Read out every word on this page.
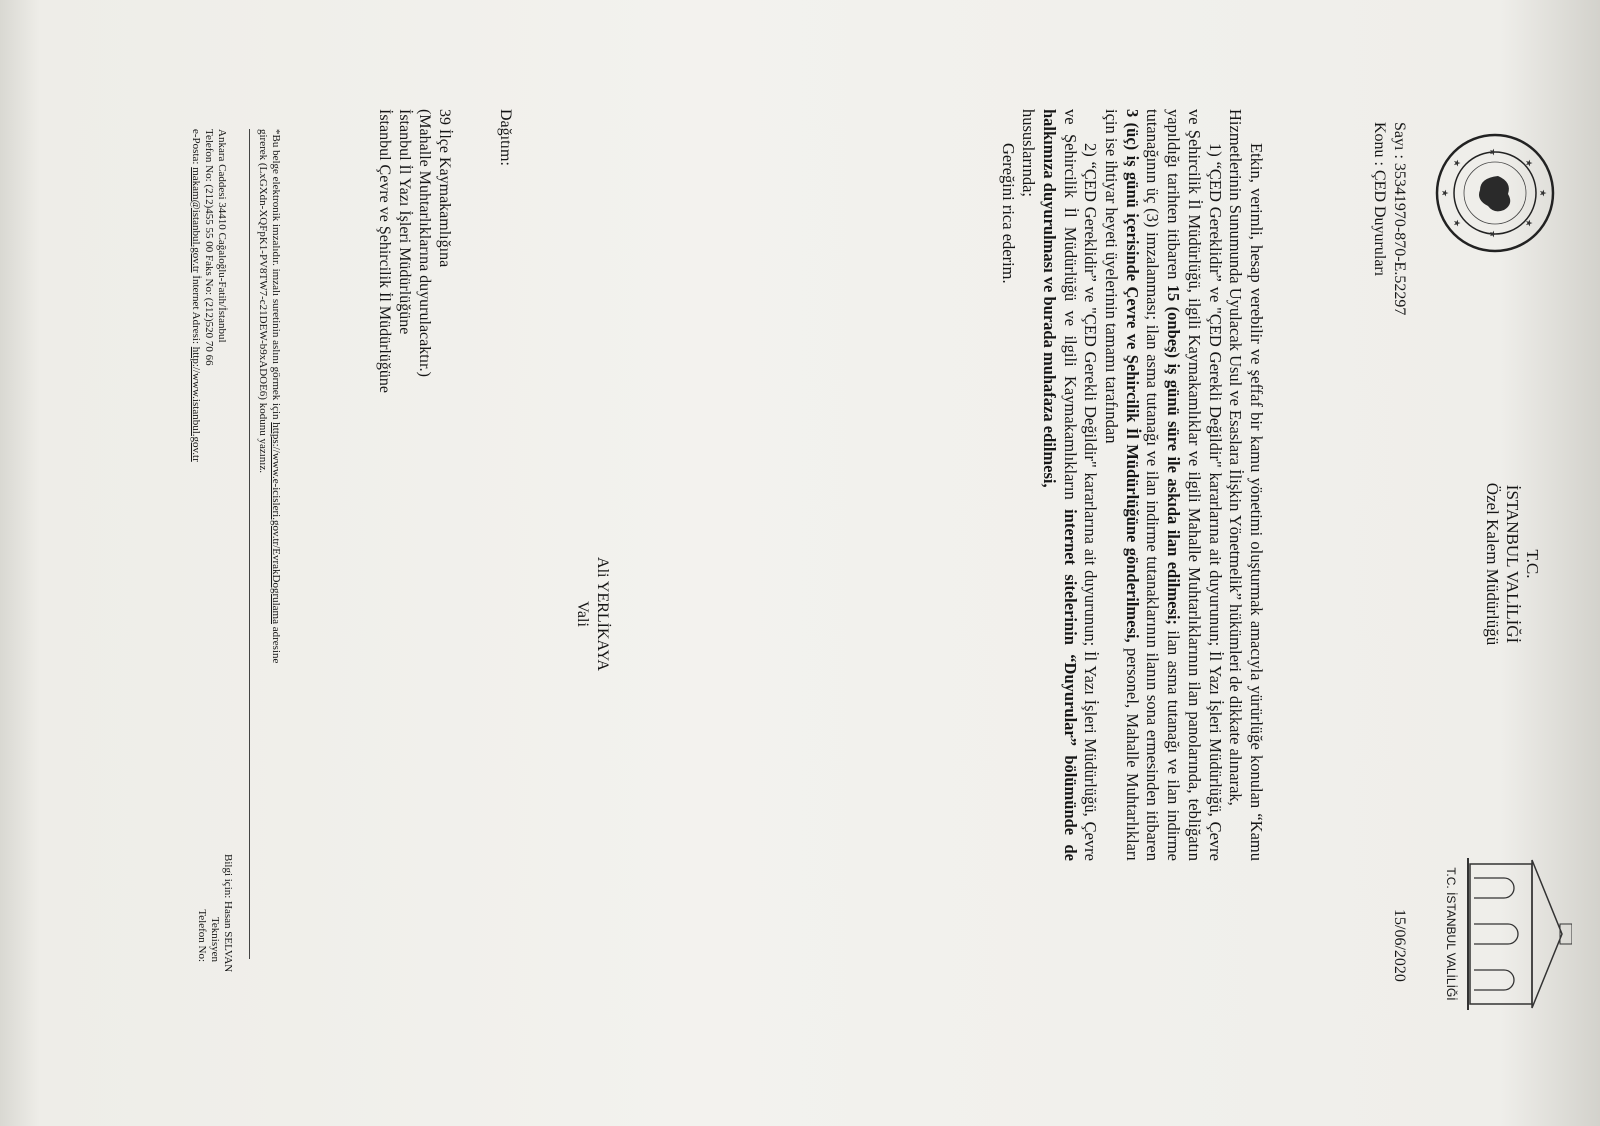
★
★
★
★
★
★
★
★
T.C.
İSTANBUL VALİLİĞİ
Özel Kalem Müdürlüğü
T.C. İSTANBUL VALİLİĞİ
Sayı : 35341970-870-E.52297
Konu : ÇED Duyuruları
15/06/2020

Etkin, verimli, hesap verebilir ve şeffaf bir kamu yönetimi oluşturmak amacıyla yürürlüğe konulan “Kamu Hizmetlerinin Sunumunda Uyulacak Usul ve Esaslara İlişkin Yönetmelik” hükümleri de dikkate alınarak,

1) “ÇED Gereklidir” ve "ÇED Gerekli Değildir" kararlarına ait duyurunun; İl Yazı İşleri Müdürlüğü, Çevre ve Şehircilik İl Müdürlüğü, ilgili Kaymakamlıklar ve ilgili Mahalle Muhtarlıklarının ilan panolarında, tebliğatın yapıldığı tarihten itibaren 15 (onbeş) iş günü süre ile askıda ilan edilmesi; ilan asma tutanağı ve ilan indirme tutanağının üç (3) imzalanması; ilan asma tutanağı ve ilan indirme tutanaklarının ilanın sona ermesinden itibaren 3 (üç) iş günü içerisinde Çevre ve Şehircilik İl Müdürlüğüne gönderilmesi, personel, Mahalle Muhtarlıkları için ise ihtiyar heyeti üyelerinin tamamı tarafından

2) “ÇED Gereklidir” ve "ÇED Gerekli Değildir" kararlarına ait duyurunun; İl Yazı İşleri Müdürlüğü, Çevre ve Şehircilik İl Müdürlüğü ve ilgili Kaymakamlıkların internet sitelerinin “Duyurular” bölümünde de halkımıza duyurulması ve burada muhafaza edilmesi,

hususlarında;

Gereğini rica ederim.

Ali YERLİKAYA
Vali
Dağıtım:
39 İlçe Kaymakamlığına
(Mahalle Muhtarlıklarına duyurulacaktır.)
İstanbul İl Yazı İşleri Müdürlüğüne
İstanbul Çevre ve Şehircilik İl Müdürlüğüne
*Bu belge elektronik imzalıdır. imzalı suretinin aslını görmek için https://www.e-icisleri.gov.tr/EvrakDogrulama adresine
girerek (LxGXdn-XQFpK1-PV8TW7-c21DEW-b9xADOE6) kodunu yazınız.
Ankara Caddesi 34410 Cağaloğlu-Fatih/İstanbul
Telefon No: (212)455 55 00 Faks No: (212)520 70 66
e-Posta: makam@istanbul.gov.tr İnternet Adresi: http://www.istanbul.gov.tr
Bilgi için: Hasan SELVAN
Teknisyen
Telefon No:
